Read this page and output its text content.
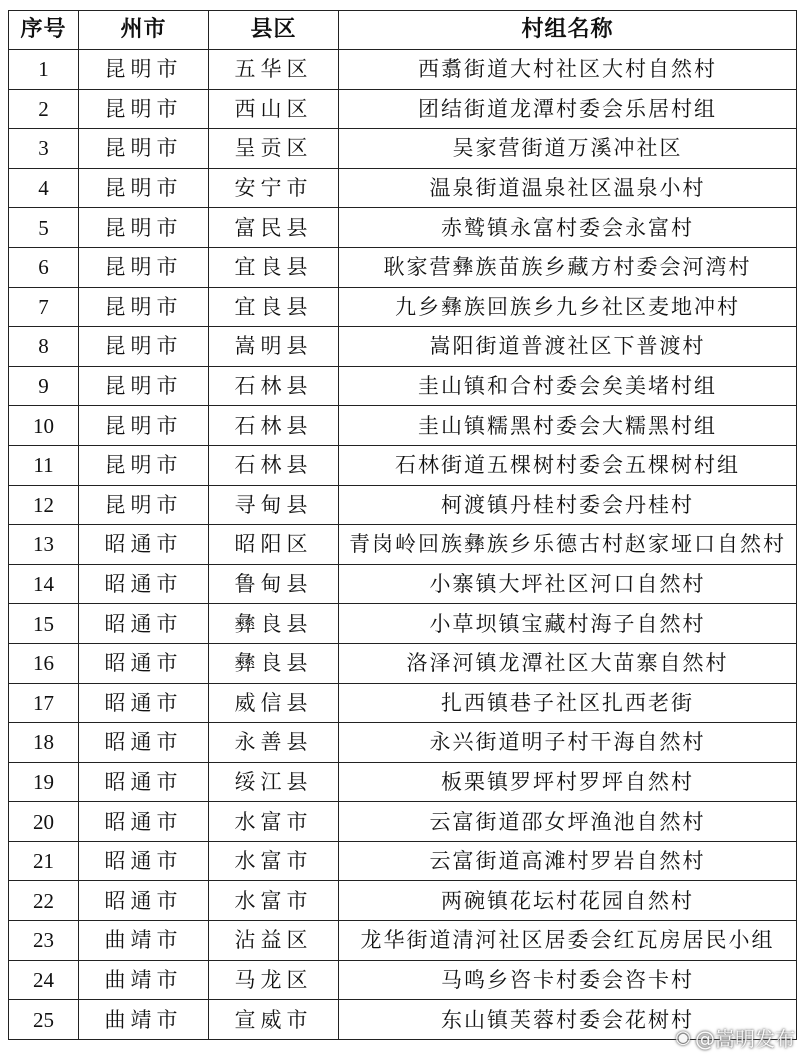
序号	州市	县区	村组名称
1	昆明市	五华区	西翥街道大村社区大村自然村
2	昆明市	西山区	团结街道龙潭村委会乐居村组
3	昆明市	呈贡区	吴家营街道万溪冲社区
4	昆明市	安宁市	温泉街道温泉社区温泉小村
5	昆明市	富民县	赤鹫镇永富村委会永富村
6	昆明市	宜良县	耿家营彝族苗族乡藏方村委会河湾村
7	昆明市	宜良县	九乡彝族回族乡九乡社区麦地冲村
8	昆明市	嵩明县	嵩阳街道普渡社区下普渡村
9	昆明市	石林县	圭山镇和合村委会矣美堵村组
10	昆明市	石林县	圭山镇糯黑村委会大糯黑村组
11	昆明市	石林县	石林街道五棵树村委会五棵树村组
12	昆明市	寻甸县	柯渡镇丹桂村委会丹桂村
13	昭通市	昭阳区	青岗岭回族彝族乡乐德古村赵家垭口自然村
14	昭通市	鲁甸县	小寨镇大坪社区河口自然村
15	昭通市	彝良县	小草坝镇宝藏村海子自然村
16	昭通市	彝良县	洛泽河镇龙潭社区大苗寨自然村
17	昭通市	威信县	扎西镇巷子社区扎西老街
18	昭通市	永善县	永兴街道明子村干海自然村
19	昭通市	绥江县	板栗镇罗坪村罗坪自然村
20	昭通市	水富市	云富街道邵女坪渔池自然村
21	昭通市	水富市	云富街道高滩村罗岩自然村
22	昭通市	水富市	两碗镇花坛村花园自然村
23	曲靖市	沾益区	龙华街道清河社区居委会红瓦房居民小组
24	曲靖市	马龙区	马鸣乡咨卡村委会咨卡村
25	曲靖市	宣威市	东山镇芙蓉村委会花树村
◉ @嵩明发布
